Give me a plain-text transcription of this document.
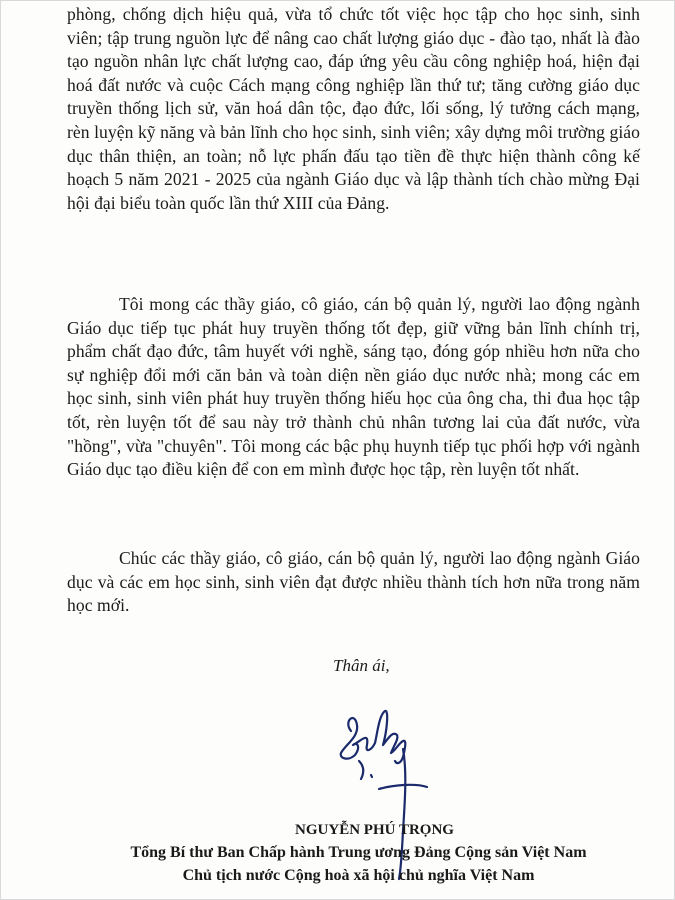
phòng, chống dịch hiệu quả, vừa tổ chức tốt việc học tập cho học sinh, sinh viên; tập trung nguồn lực để nâng cao chất lượng giáo dục - đào tạo, nhất là đào tạo nguồn nhân lực chất lượng cao, đáp ứng yêu cầu công nghiệp hoá, hiện đại hoá đất nước và cuộc Cách mạng công nghiệp lần thứ tư; tăng cường giáo dục truyền thống lịch sử, văn hoá dân tộc, đạo đức, lối sống, lý tưởng cách mạng, rèn luyện kỹ năng và bản lĩnh cho học sinh, sinh viên; xây dựng môi trường giáo dục thân thiện, an toàn; nỗ lực phấn đấu tạo tiền đề thực hiện thành công kế hoạch 5 năm 2021 - 2025 của ngành Giáo dục và lập thành tích chào mừng Đại hội đại biểu toàn quốc lần thứ XIII của Đảng.
Tôi mong các thầy giáo, cô giáo, cán bộ quản lý, người lao động ngành Giáo dục tiếp tục phát huy truyền thống tốt đẹp, giữ vững bản lĩnh chính trị, phẩm chất đạo đức, tâm huyết với nghề, sáng tạo, đóng góp nhiều hơn nữa cho sự nghiệp đổi mới căn bản và toàn diện nền giáo dục nước nhà; mong các em học sinh, sinh viên phát huy truyền thống hiếu học của ông cha, thi đua học tập tốt, rèn luyện tốt để sau này trở thành chủ nhân tương lai của đất nước, vừa "hồng", vừa "chuyên". Tôi mong các bậc phụ huynh tiếp tục phối hợp với ngành Giáo dục tạo điều kiện để con em mình được học tập, rèn luyện tốt nhất.
Chúc các thầy giáo, cô giáo, cán bộ quản lý, người lao động ngành Giáo dục và các em học sinh, sinh viên đạt được nhiều thành tích hơn nữa trong năm học mới.
Thân ái,
NGUYỄN PHÚ TRỌNG
Tổng Bí thư Ban Chấp hành Trung ương Đảng Cộng sản Việt Nam
Chủ tịch nước Cộng hoà xã hội chủ nghĩa Việt Nam
